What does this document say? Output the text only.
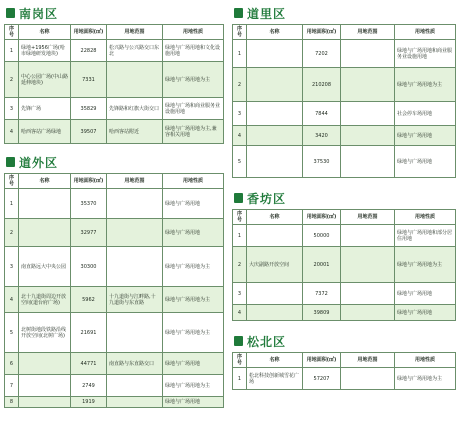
南岗区
序号	名称	用地面积(㎡)	用地范围	用地性质
1	绿地+1956广场(哈市绿地研发地块)	22828	松兴路与公兴路交口东北	绿地与广场用地和文化设施用地
2	中心公园广场(中山路延伸地块)	7331		绿地与广场用地为主
3	先锋广场	35829	先锋路和红旗大街交口	绿地与广场和商业服务业设施用地
4	哈西客站广场绿地	39507	哈西客站附近	绿地与广场用地为主,兼容相关用地
道外区
序号	名称	用地面积(㎡)	用地范围	用地性质
1		35370		绿地与广场用地
2		32977		绿地与广场用地
3	南直路远大中央公园	30300		绿地与广场用地为主
4	北十九道街周边开放空间(道台府广场)	5962	十九道街与江畔路,十九道街与东直路	绿地与广场用地为主
5	北树街地段铁路沿线开放空间(北树广场)	21691		绿地与广场用地为主
6		44771	南直路与东直路交口	绿地与广场用地
7		2749		绿地与广场用地为主
8		1919		绿地与广场用地
道里区
序号	名称	用地面积(㎡)	用地范围	用地性质
1		7202		绿地与广场用地和商业服务业设施用地
2		210208		绿地与广场用地为主
3		7844		社会停车场用地
4		3420		绿地与广场用地
5		37530		绿地与广场用地
香坊区
序号	名称	用地面积(㎡)	用地范围	用地性质
1		50000		绿地与广场用地和部分居住用地
2	大庆副路开放空间	20001		绿地与广场用地为主
3		7372		绿地与广场用地
4		39809		绿地与广场用地
松北区
序号	名称	用地面积(㎡)	用地范围	用地性质
1	松北科技创新城雪花广场	57207		绿地与广场用地为主
